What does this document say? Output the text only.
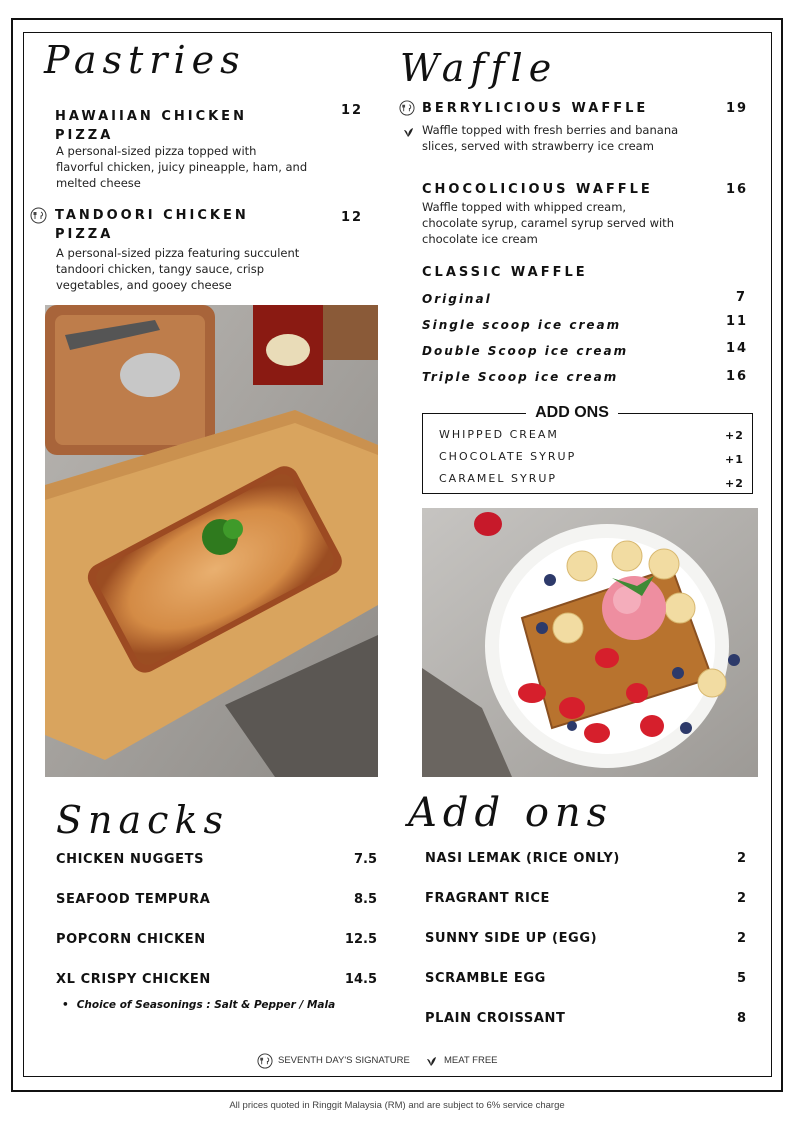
Pastries
HAWAIIAN CHICKEN
PIZZA
12
A personal-sized pizza topped with
flavorful chicken, juicy pineapple, ham, and
melted cheese
TANDOORI CHICKEN
PIZZA
12
A personal-sized pizza featuring succulent
tandoori chicken, tangy sauce, crisp
vegetables, and gooey cheese
Waffle
BERRYLICIOUS WAFFLE	19
Waffle topped with fresh berries and banana
slices, served with strawberry ice cream
CHOCOLICIOUS WAFFLE	16
Waffle topped with whipped cream,
chocolate syrup, caramel syrup served with
chocolate ice cream
CLASSIC WAFFLE
Original	7
Single scoop ice cream	11
Double Scoop ice cream	14
Triple Scoop ice cream	16
ADD ONS
WHIPPED CREAM	+2
CHOCOLATE SYRUP	+1
CARAMEL SYRUP	+2
Snacks
CHICKEN NUGGETS	7.5
SEAFOOD TEMPURA	8.5
POPCORN CHICKEN	12.5
XL CRISPY CHICKEN	14.5
• Choice of Seasonings : Salt & Pepper / Mala
Add ons
NASI LEMAK (RICE ONLY)	2
FRAGRANT RICE	2
SUNNY SIDE UP (EGG)	2
SCRAMBLE EGG	5
PLAIN CROISSANT	8
SEVENTH DAY'S SIGNATURE	MEAT FREE
All prices quoted in Ringgit Malaysia (RM) and are subject to 6% service charge
